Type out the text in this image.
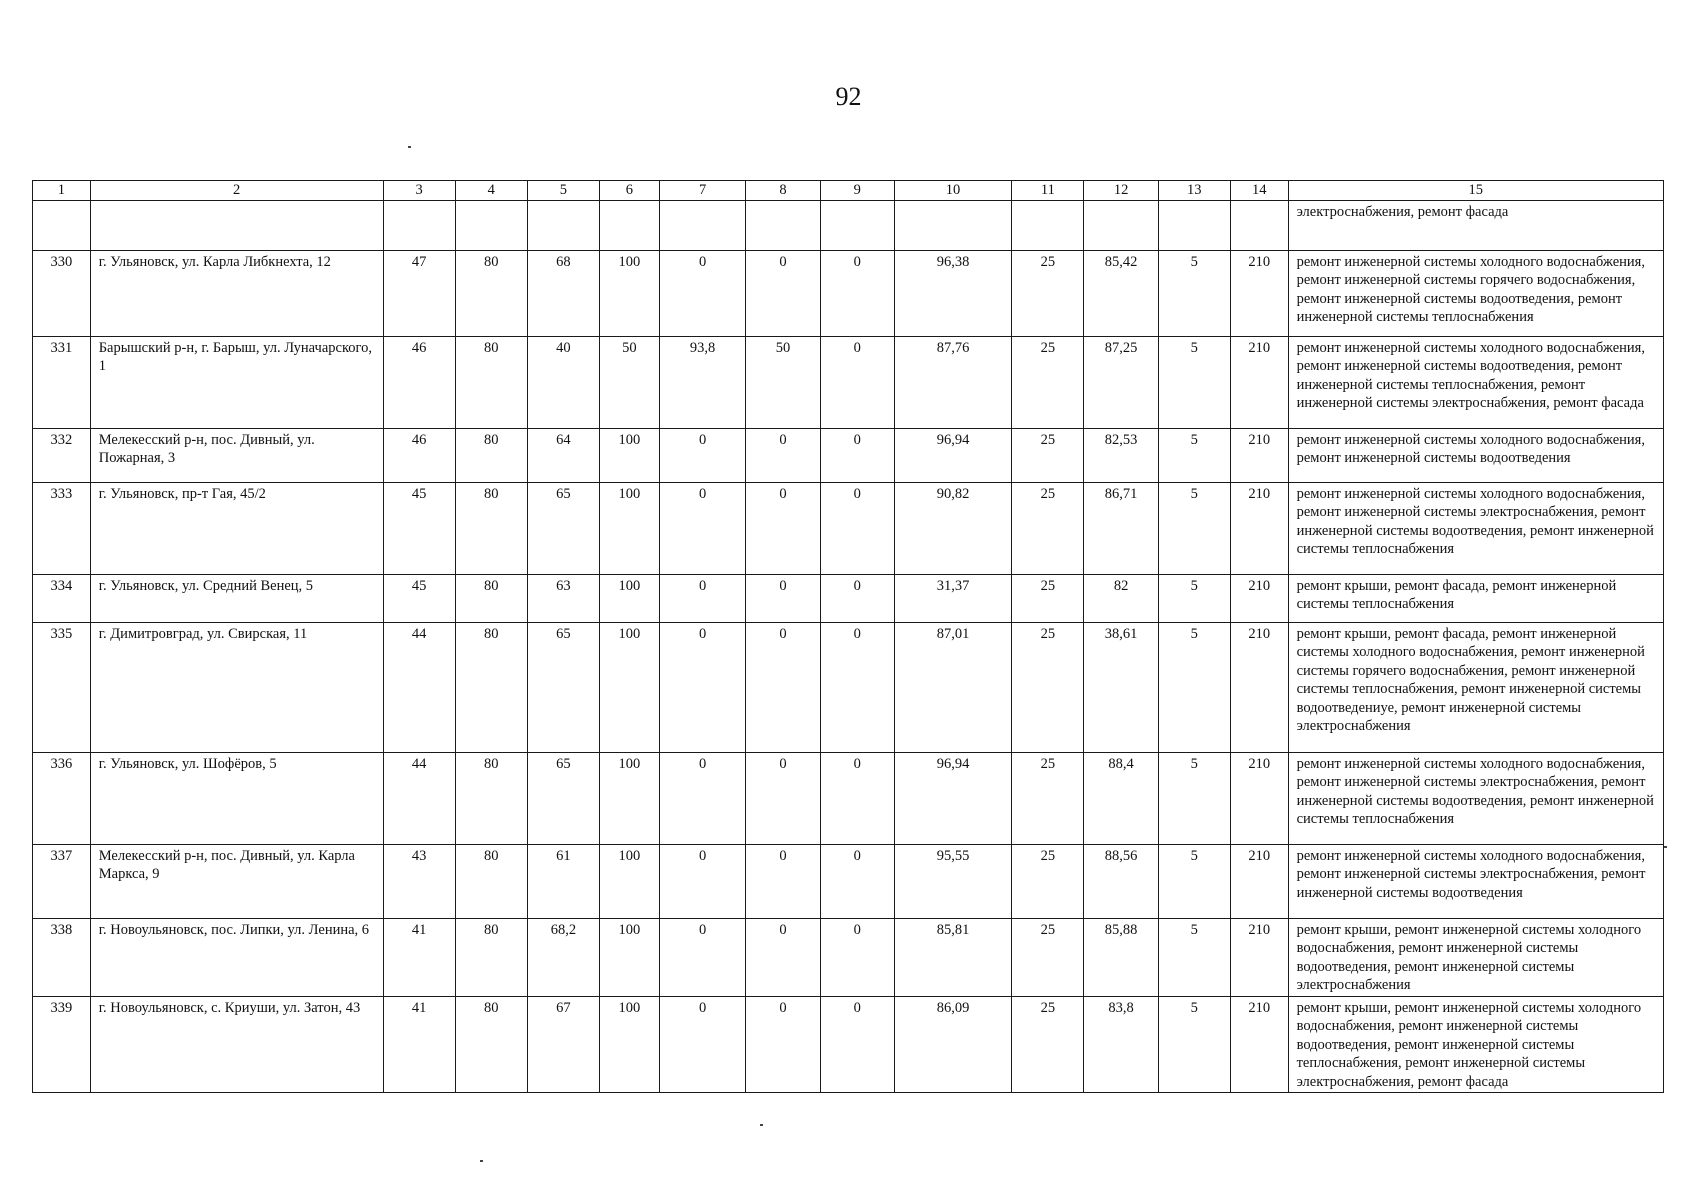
92
1	2	3	4	5	6	7	8	9	10	11	12	13	14	15
														электроснабжения, ремонт фасада
330	г. Ульяновск, ул. Карла Либкнехта, 12	47	80	68	100	0	0	0	96,38	25	85,42	5	210	ремонт инженерной системы холодного водоснабжения, ремонт инженерной системы горячего водоснабжения, ремонт инженерной системы водоотведения, ремонт инженерной системы теплоснабжения
331	Барышский р-н, г. Барыш, ул. Луначарского, 1	46	80	40	50	93,8	50	0	87,76	25	87,25	5	210	ремонт инженерной системы холодного водоснабжения, ремонт инженерной системы водоотведения, ремонт инженерной системы теплоснабжения, ремонт инженерной системы электроснабжения, ремонт фасада
332	Мелекесский р-н, пос. Дивный, ул. Пожарная, 3	46	80	64	100	0	0	0	96,94	25	82,53	5	210	ремонт инженерной системы холодного водоснабжения, ремонт инженерной системы водоотведения
333	г. Ульяновск, пр-т Гая, 45/2	45	80	65	100	0	0	0	90,82	25	86,71	5	210	ремонт инженерной системы холодного водоснабжения, ремонт инженерной системы электроснабжения, ремонт инженерной системы водоотведения, ремонт инженерной системы теплоснабжения
334	г. Ульяновск, ул. Средний Венец, 5	45	80	63	100	0	0	0	31,37	25	82	5	210	ремонт крыши, ремонт фасада, ремонт инженерной системы теплоснабжения
335	г. Димитровград, ул. Свирская, 11	44	80	65	100	0	0	0	87,01	25	38,61	5	210	ремонт крыши, ремонт фасада, ремонт инженерной системы холодного водоснабжения, ремонт инженерной системы горячего водоснабжения, ремонт инженерной системы теплоснабжения, ремонт инженерной системы водоотведениуе, ремонт инженерной системы электроснабжения
336	г. Ульяновск, ул. Шофёров, 5	44	80	65	100	0	0	0	96,94	25	88,4	5	210	ремонт инженерной системы холодного водоснабжения, ремонт инженерной системы электроснабжения, ремонт инженерной системы водоотведения, ремонт инженерной системы теплоснабжения
337	Мелекесский р-н, пос. Дивный, ул. Карла Маркса, 9	43	80	61	100	0	0	0	95,55	25	88,56	5	210	ремонт инженерной системы холодного водоснабжения, ремонт инженерной системы электроснабжения, ремонт инженерной системы водоотведения
338	г. Новоульяновск, пос. Липки, ул. Ленина, 6	41	80	68,2	100	0	0	0	85,81	25	85,88	5	210	ремонт крыши, ремонт инженерной системы холодного водоснабжения, ремонт инженерной системы водоотведения, ремонт инженерной системы электроснабжения
339	г. Новоульяновск, с. Криуши, ул. Затон, 43	41	80	67	100	0	0	0	86,09	25	83,8	5	210	ремонт крыши, ремонт инженерной системы холодного водоснабжения, ремонт инженерной системы водоотведения, ремонт инженерной системы теплоснабжения, ремонт инженерной системы электроснабжения, ремонт фасада
